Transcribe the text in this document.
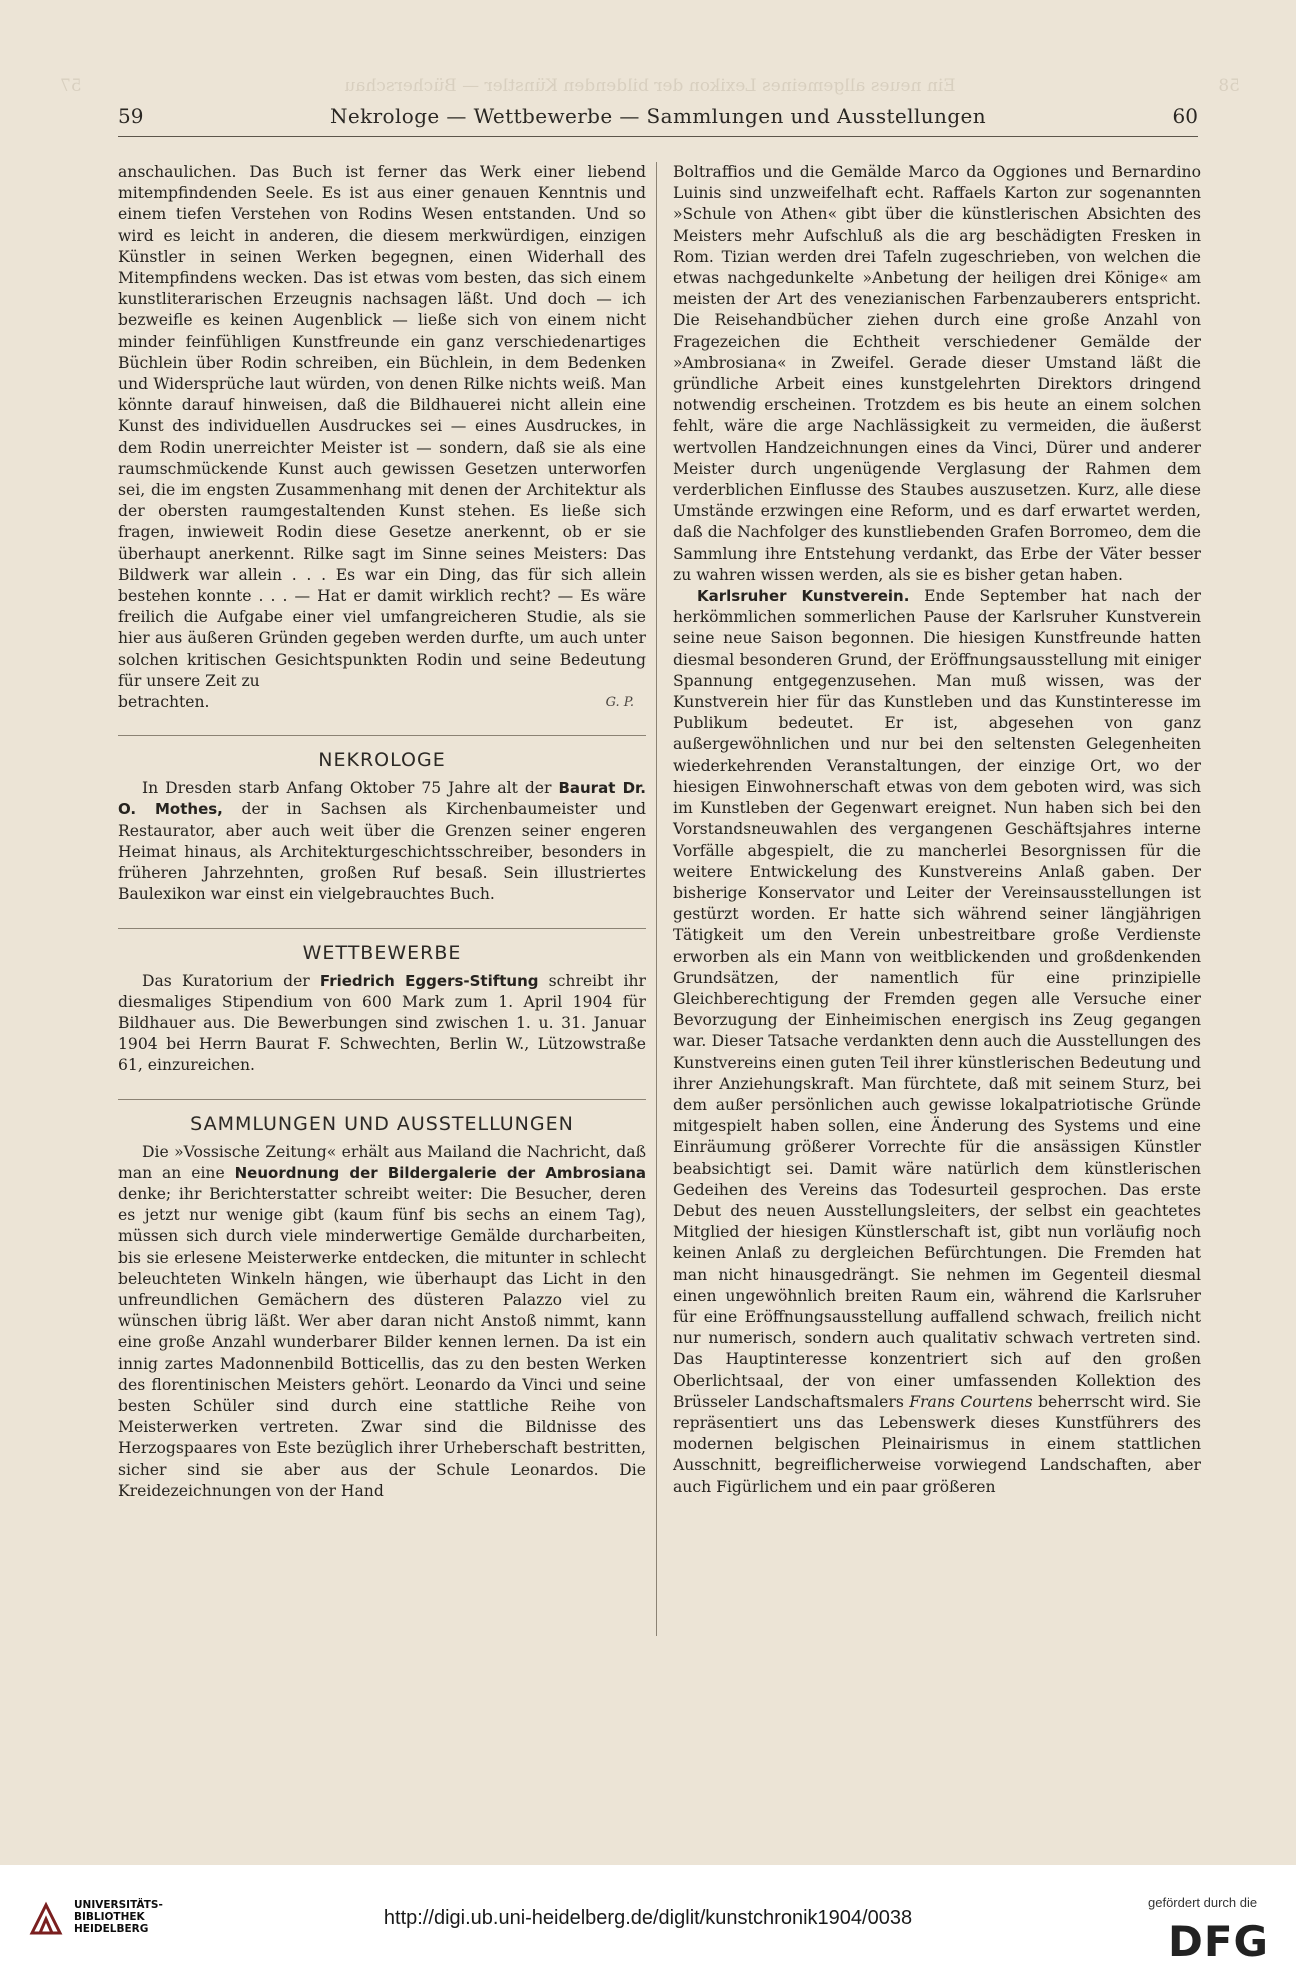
58
Ein neues allgemeines Lexikon der bildenden Künstler — Bücherschau
57
59	Nekrologe — Wettbewerbe — Sammlungen und Ausstellungen	60

anschaulichen. Das Buch ist ferner das Werk einer liebend mitempfindenden Seele. Es ist aus einer genauen Kenntnis und einem tiefen Verstehen von Rodins Wesen entstanden. Und so wird es leicht in anderen, die diesem merkwürdigen, einzigen Künstler in seinen Werken begegnen, einen Widerhall des Mitempfindens wecken. Das ist etwas vom besten, das sich einem kunstliterarischen Erzeugnis nachsagen läßt. Und doch — ich bezweifle es keinen Augenblick — ließe sich von einem nicht minder feinfühligen Kunstfreunde ein ganz verschiedenartiges Büchlein über Rodin schreiben, ein Büchlein, in dem Bedenken und Widersprüche laut würden, von denen Rilke nichts weiß. Man könnte darauf hinweisen, daß die Bildhauerei nicht allein eine Kunst des individuellen Ausdruckes sei — eines Ausdruckes, in dem Rodin unerreichter Meister ist — sondern, daß sie als eine raumschmückende Kunst auch gewissen Gesetzen unterworfen sei, die im engsten Zusammenhang mit denen der Architektur als der obersten raumgestaltenden Kunst stehen. Es ließe sich fragen, inwieweit Rodin diese Gesetze anerkennt, ob er sie überhaupt anerkennt. Rilke sagt im Sinne seines Meisters: Das Bildwerk war allein . . . Es war ein Ding, das für sich allein bestehen konnte . . . — Hat er damit wirklich recht? — Es wäre freilich die Aufgabe einer viel umfangreicheren Studie, als sie hier aus äußeren Gründen gegeben werden durfte, um auch unter solchen kritischen Gesichtspunkten Rodin und seine Bedeutung für unsere Zeit zu

betrachten.	G. P.
NEKROLOGE

In Dresden starb Anfang Oktober 75 Jahre alt der Baurat Dr. O. Mothes, der in Sachsen als Kirchenbaumeister und Restaurator, aber auch weit über die Grenzen seiner engeren Heimat hinaus, als Architekturgeschichtsschreiber, besonders in früheren Jahrzehnten, großen Ruf besaß. Sein illustriertes Baulexikon war einst ein vielgebrauchtes Buch.

WETTBEWERBE

Das Kuratorium der Friedrich Eggers-Stiftung schreibt ihr diesmaliges Stipendium von 600 Mark zum 1. April 1904 für Bildhauer aus. Die Bewerbungen sind zwischen 1. u. 31. Januar 1904 bei Herrn Baurat F. Schwechten, Berlin W., Lützowstraße 61, einzureichen.

SAMMLUNGEN UND AUSSTELLUNGEN

Die »Vossische Zeitung« erhält aus Mailand die Nachricht, daß man an eine Neuordnung der Bildergalerie der Ambrosiana denke; ihr Berichterstatter schreibt weiter: Die Besucher, deren es jetzt nur wenige gibt (kaum fünf bis sechs an einem Tag), müssen sich durch viele minderwertige Gemälde durcharbeiten, bis sie erlesene Meisterwerke entdecken, die mitunter in schlecht beleuchteten Winkeln hängen, wie überhaupt das Licht in den unfreundlichen Gemächern des düsteren Palazzo viel zu wünschen übrig läßt. Wer aber daran nicht Anstoß nimmt, kann eine große Anzahl wunderbarer Bilder kennen lernen. Da ist ein innig zartes Madonnenbild Botticellis, das zu den besten Werken des florentinischen Meisters gehört. Leonardo da Vinci und seine besten Schüler sind durch eine stattliche Reihe von Meisterwerken vertreten. Zwar sind die Bildnisse des Herzogspaares von Este bezüglich ihrer Urheberschaft bestritten, sicher sind sie aber aus der Schule Leonardos. Die Kreidezeichnungen von der Hand

Boltraffios und die Gemälde Marco da Oggiones und Bernardino Luinis sind unzweifelhaft echt. Raffaels Karton zur sogenannten »Schule von Athen« gibt über die künstlerischen Absichten des Meisters mehr Aufschluß als die arg beschädigten Fresken in Rom. Tizian werden drei Tafeln zugeschrieben, von welchen die etwas nachgedunkelte »Anbetung der heiligen drei Könige« am meisten der Art des venezianischen Farbenzauberers entspricht. Die Reisehandbücher ziehen durch eine große Anzahl von Fragezeichen die Echtheit verschiedener Gemälde der »Ambrosiana« in Zweifel. Gerade dieser Umstand läßt die gründliche Arbeit eines kunstgelehrten Direktors dringend notwendig erscheinen. Trotzdem es bis heute an einem solchen fehlt, wäre die arge Nachlässigkeit zu vermeiden, die äußerst wertvollen Handzeichnungen eines da Vinci, Dürer und anderer Meister durch ungenügende Verglasung der Rahmen dem verderblichen Einflusse des Staubes auszusetzen. Kurz, alle diese Umstände erzwingen eine Reform, und es darf erwartet werden, daß die Nachfolger des kunstliebenden Grafen Borromeo, dem die Sammlung ihre Entstehung verdankt, das Erbe der Väter besser zu wahren wissen werden, als sie es bisher getan haben.

Karlsruher Kunstverein. Ende September hat nach der herkömmlichen sommerlichen Pause der Karlsruher Kunstverein seine neue Saison begonnen. Die hiesigen Kunstfreunde hatten diesmal besonderen Grund, der Eröffnungsausstellung mit einiger Spannung entgegenzusehen. Man muß wissen, was der Kunstverein hier für das Kunstleben und das Kunstinteresse im Publikum bedeutet. Er ist, abgesehen von ganz außergewöhnlichen und nur bei den seltensten Gelegenheiten wiederkehrenden Veranstaltungen, der einzige Ort, wo der hiesigen Einwohnerschaft etwas von dem geboten wird, was sich im Kunstleben der Gegenwart ereignet. Nun haben sich bei den Vorstandsneuwahlen des vergangenen Geschäftsjahres interne Vorfälle abgespielt, die zu mancherlei Besorgnissen für die weitere Entwickelung des Kunstvereins Anlaß gaben. Der bisherige Konservator und Leiter der Vereinsausstellungen ist gestürzt worden. Er hatte sich während seiner längjährigen Tätigkeit um den Verein unbestreitbare große Verdienste erworben als ein Mann von weitblickenden und großdenkenden Grundsätzen, der namentlich für eine prinzipielle Gleichberechtigung der Fremden gegen alle Versuche einer Bevorzugung der Einheimischen energisch ins Zeug gegangen war. Dieser Tatsache verdankten denn auch die Ausstellungen des Kunstvereins einen guten Teil ihrer künstlerischen Bedeutung und ihrer Anziehungskraft. Man fürchtete, daß mit seinem Sturz, bei dem außer persönlichen auch gewisse lokalpatriotische Gründe mitgespielt haben sollen, eine Änderung des Systems und eine Einräumung größerer Vorrechte für die ansässigen Künstler beabsichtigt sei. Damit wäre natürlich dem künstlerischen Gedeihen des Vereins das Todesurteil gesprochen. Das erste Debut des neuen Ausstellungsleiters, der selbst ein geachtetes Mitglied der hiesigen Künstlerschaft ist, gibt nun vorläufig noch keinen Anlaß zu dergleichen Befürchtungen. Die Fremden hat man nicht hinausgedrängt. Sie nehmen im Gegenteil diesmal einen ungewöhnlich breiten Raum ein, während die Karlsruher für eine Eröffnungsausstellung auffallend schwach, freilich nicht nur numerisch, sondern auch qualitativ schwach vertreten sind. Das Hauptinteresse konzentriert sich auf den großen Oberlichtsaal, der von einer umfassenden Kollektion des Brüsseler Landschaftsmalers Frans Courtens beherrscht wird. Sie repräsentiert uns das Lebenswerk dieses Kunstführers des modernen belgischen Pleinairismus in einem stattlichen Ausschnitt, begreiflicherweise vorwiegend Landschaften, aber auch Figürlichem und ein paar größeren

UNIVERSITÄTS-
BIBLIOTHEK
HEIDELBERG	http://digi.ub.uni-heidelberg.de/diglit/kunstchronik1904/0038
gefördert durch die
DFG
